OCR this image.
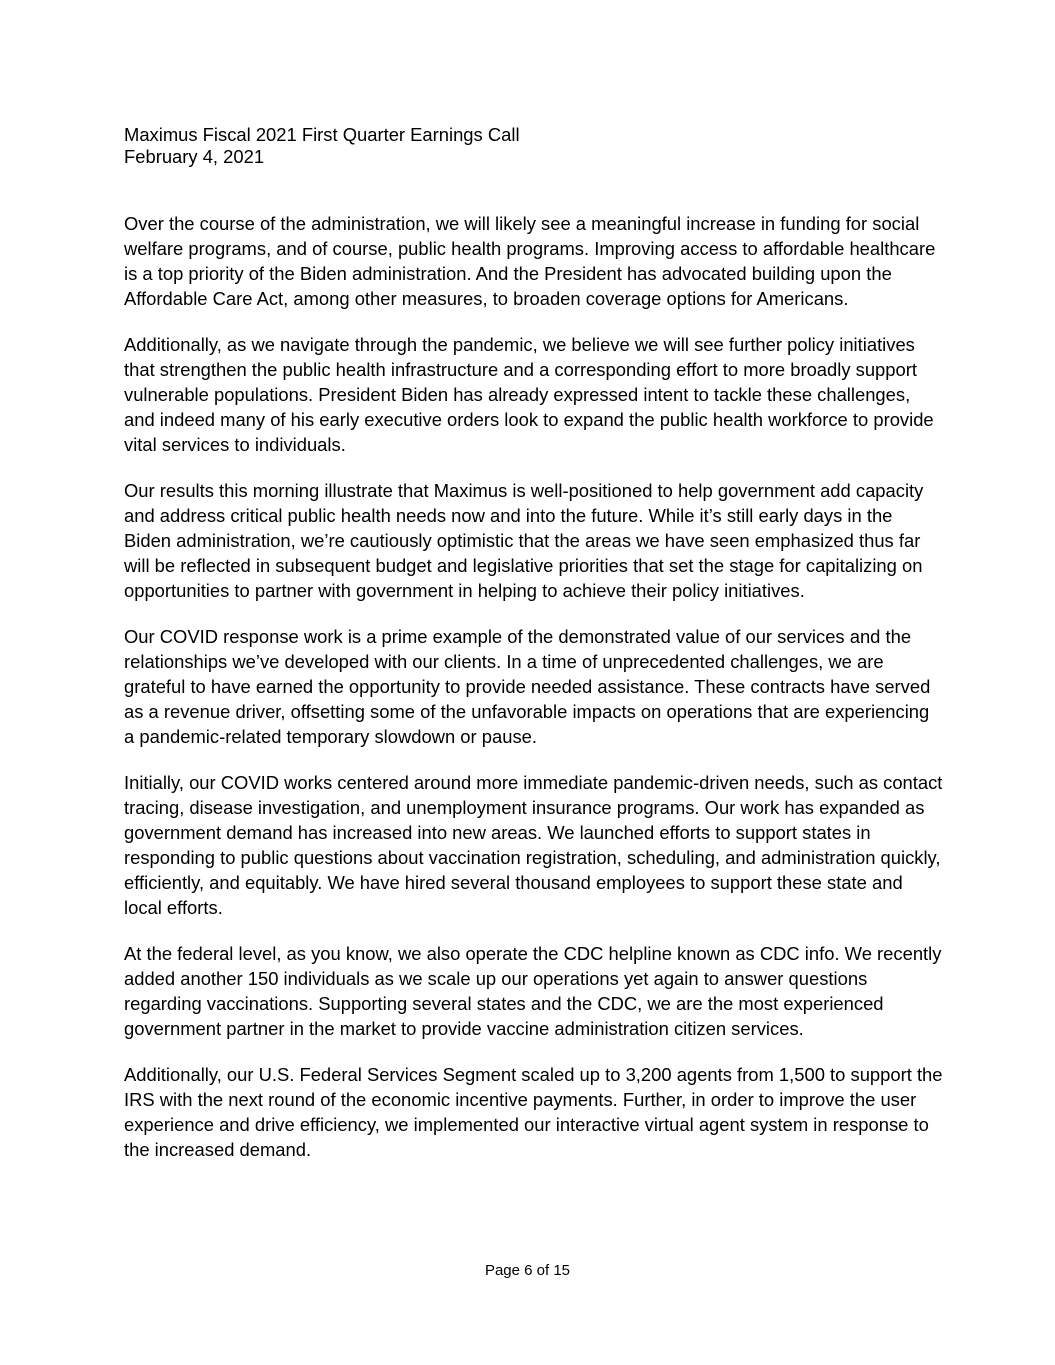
Maximus Fiscal 2021 First Quarter Earnings Call
February 4, 2021

Over the course of the administration, we will likely see a meaningful increase in funding for social welfare programs, and of course, public health programs. Improving access to affordable healthcare is a top priority of the Biden administration. And the President has advocated building upon the Affordable Care Act, among other measures, to broaden coverage options for Americans.

Additionally, as we navigate through the pandemic, we believe we will see further policy initiatives that strengthen the public health infrastructure and a corresponding effort to more broadly support vulnerable populations. President Biden has already expressed intent to tackle these challenges, and indeed many of his early executive orders look to expand the public health workforce to provide vital services to individuals.

Our results this morning illustrate that Maximus is well-positioned to help government add capacity and address critical public health needs now and into the future. While it’s still early days in the Biden administration, we’re cautiously optimistic that the areas we have seen emphasized thus far will be reflected in subsequent budget and legislative priorities that set the stage for capitalizing on opportunities to partner with government in helping to achieve their policy initiatives.

Our COVID response work is a prime example of the demonstrated value of our services and the relationships we’ve developed with our clients. In a time of unprecedented challenges, we are grateful to have earned the opportunity to provide needed assistance. These contracts have served as a revenue driver, offsetting some of the unfavorable impacts on operations that are experiencing a pandemic-related temporary slowdown or pause.

Initially, our COVID works centered around more immediate pandemic-driven needs, such as contact tracing, disease investigation, and unemployment insurance programs. Our work has expanded as government demand has increased into new areas. We launched efforts to support states in responding to public questions about vaccination registration, scheduling, and administration quickly, efficiently, and equitably. We have hired several thousand employees to support these state and local efforts.

At the federal level, as you know, we also operate the CDC helpline known as CDC info. We recently added another 150 individuals as we scale up our operations yet again to answer questions regarding vaccinations. Supporting several states and the CDC, we are the most experienced government partner in the market to provide vaccine administration citizen services.

Additionally, our U.S. Federal Services Segment scaled up to 3,200 agents from 1,500 to support the IRS with the next round of the economic incentive payments. Further, in order to improve the user experience and drive efficiency, we implemented our interactive virtual agent system in response to the increased demand.

Page 6 of 15
